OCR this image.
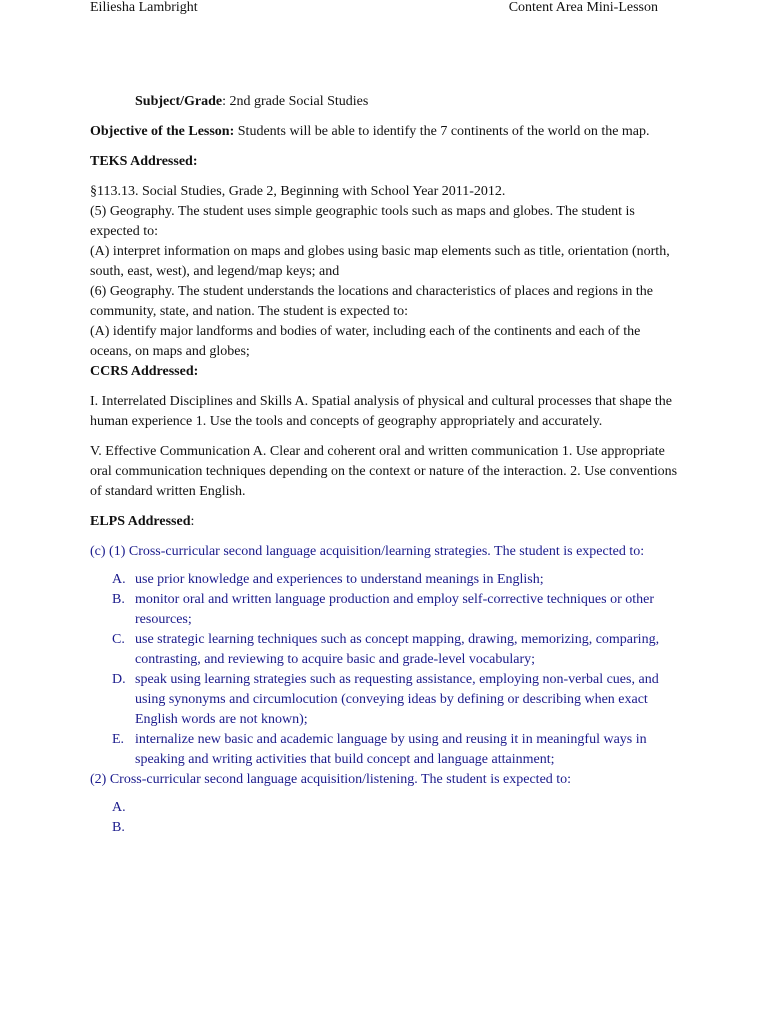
Eiliesha Lambright	Content Area Mini-Lesson

Subject/Grade: 2nd grade Social Studies

Objective of the Lesson: Students will be able to identify the 7 continents of the world on the map.

TEKS Addressed:

§113.13. Social Studies, Grade 2, Beginning with School Year 2011-2012.

(5) Geography. The student uses simple geographic tools such as maps and globes. The student is expected to:

(A) interpret information on maps and globes using basic map elements such as title, orientation (north, south, east, west), and legend/map keys; and

(6) Geography. The student understands the locations and characteristics of places and regions in the community, state, and nation. The student is expected to:

(A) identify major landforms and bodies of water, including each of the continents and each of the oceans, on maps and globes;

CCRS Addressed:

I. Interrelated Disciplines and Skills A. Spatial analysis of physical and cultural processes that shape the human experience 1. Use the tools and concepts of geography appropriately and accurately.

V. Effective Communication A. Clear and coherent oral and written communication 1. Use appropriate oral communication techniques depending on the context or nature of the interaction. 2. Use conventions of standard written English.

ELPS Addressed:

(c) (1) Cross-curricular second language acquisition/learning strategies. The student is expected to:

A. use prior knowledge and experiences to understand meanings in English;
B. monitor oral and written language production and employ self-corrective techniques or other resources;
C. use strategic learning techniques such as concept mapping, drawing, memorizing, comparing, contrasting, and reviewing to acquire basic and grade-level vocabulary;
D. speak using learning strategies such as requesting assistance, employing non-verbal cues, and using synonyms and circumlocution (conveying ideas by defining or describing when exact English words are not known);
E. internalize new basic and academic language by using and reusing it in meaningful ways in speaking and writing activities that build concept and language attainment;

(2) Cross-curricular second language acquisition/listening. The student is expected to:

A.
B.
